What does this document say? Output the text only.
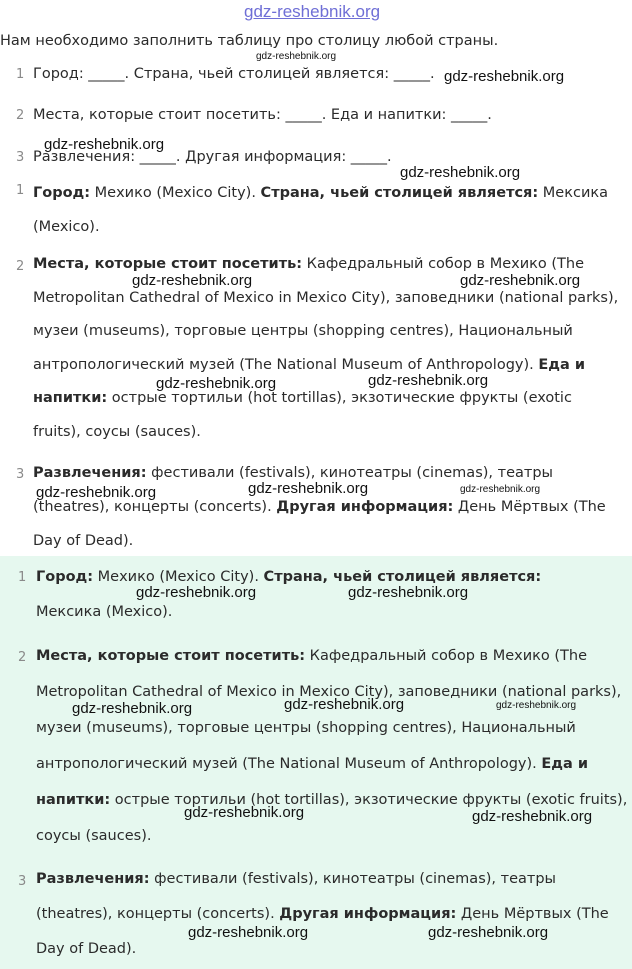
gdz-reshebnik.org
Нам необходимо заполнить таблицу про столицу любой страны.
1 Город: _____. Страна, чьей столицей является: _____.
2 Места, которые стоит посетить: _____. Еда и напитки: _____.
3 Развлечения: _____. Другая информация: _____.
1 Город: Мехико (Mexico City). Страна, чьей столицей является: Мексика (Mexico).
2 Места, которые стоит посетить: Кафедральный собор в Мехико (The Metropolitan Cathedral of Mexico in Mexico City), заповедники (national parks), музеи (museums), торговые центры (shopping centres), Национальный антропологический музей (The National Museum of Anthropology). Еда и напитки: острые тортильи (hot tortillas), экзотические фрукты (exotic fruits), соусы (sauces).
3 Развлечения: фестивали (festivals), кинотеатры (cinemas), театры (theatres), концерты (concerts). Другая информация: День Мёртвых (The Day of Dead).
1 Город: Мехико (Mexico City). Страна, чьей столицей является: Мексика (Mexico).
2 Места, которые стоит посетить: Кафедральный собор в Мехико (The Metropolitan Cathedral of Mexico in Mexico City), заповедники (national parks), музеи (museums), торговые центры (shopping centres), Национальный антропологический музей (The National Museum of Anthropology). Еда и напитки: острые тортильи (hot tortillas), экзотические фрукты (exotic fruits), соусы (sauces).
3 Развлечения: фестивали (festivals), кинотеатры (cinemas), театры (theatres), концерты (concerts). Другая информация: День Мёртвых (The Day of Dead).
gdz-reshebnik.org
gdz-reshebnik.org
gdz-reshebnik.org
gdz-reshebnik.org
gdz-reshebnik.org	gdz-reshebnik.org
gdz-reshebnik.org	gdz-reshebnik.org
gdz-reshebnik.org
gdz-reshebnik.org	gdz-reshebnik.org
gdz-reshebnik.org	gdz-reshebnik.org
gdz-reshebnik.org
gdz-reshebnik.org	gdz-reshebnik.org
gdz-reshebnik.org	gdz-reshebnik.org
gdz-reshebnik.org	gdz-reshebnik.org
